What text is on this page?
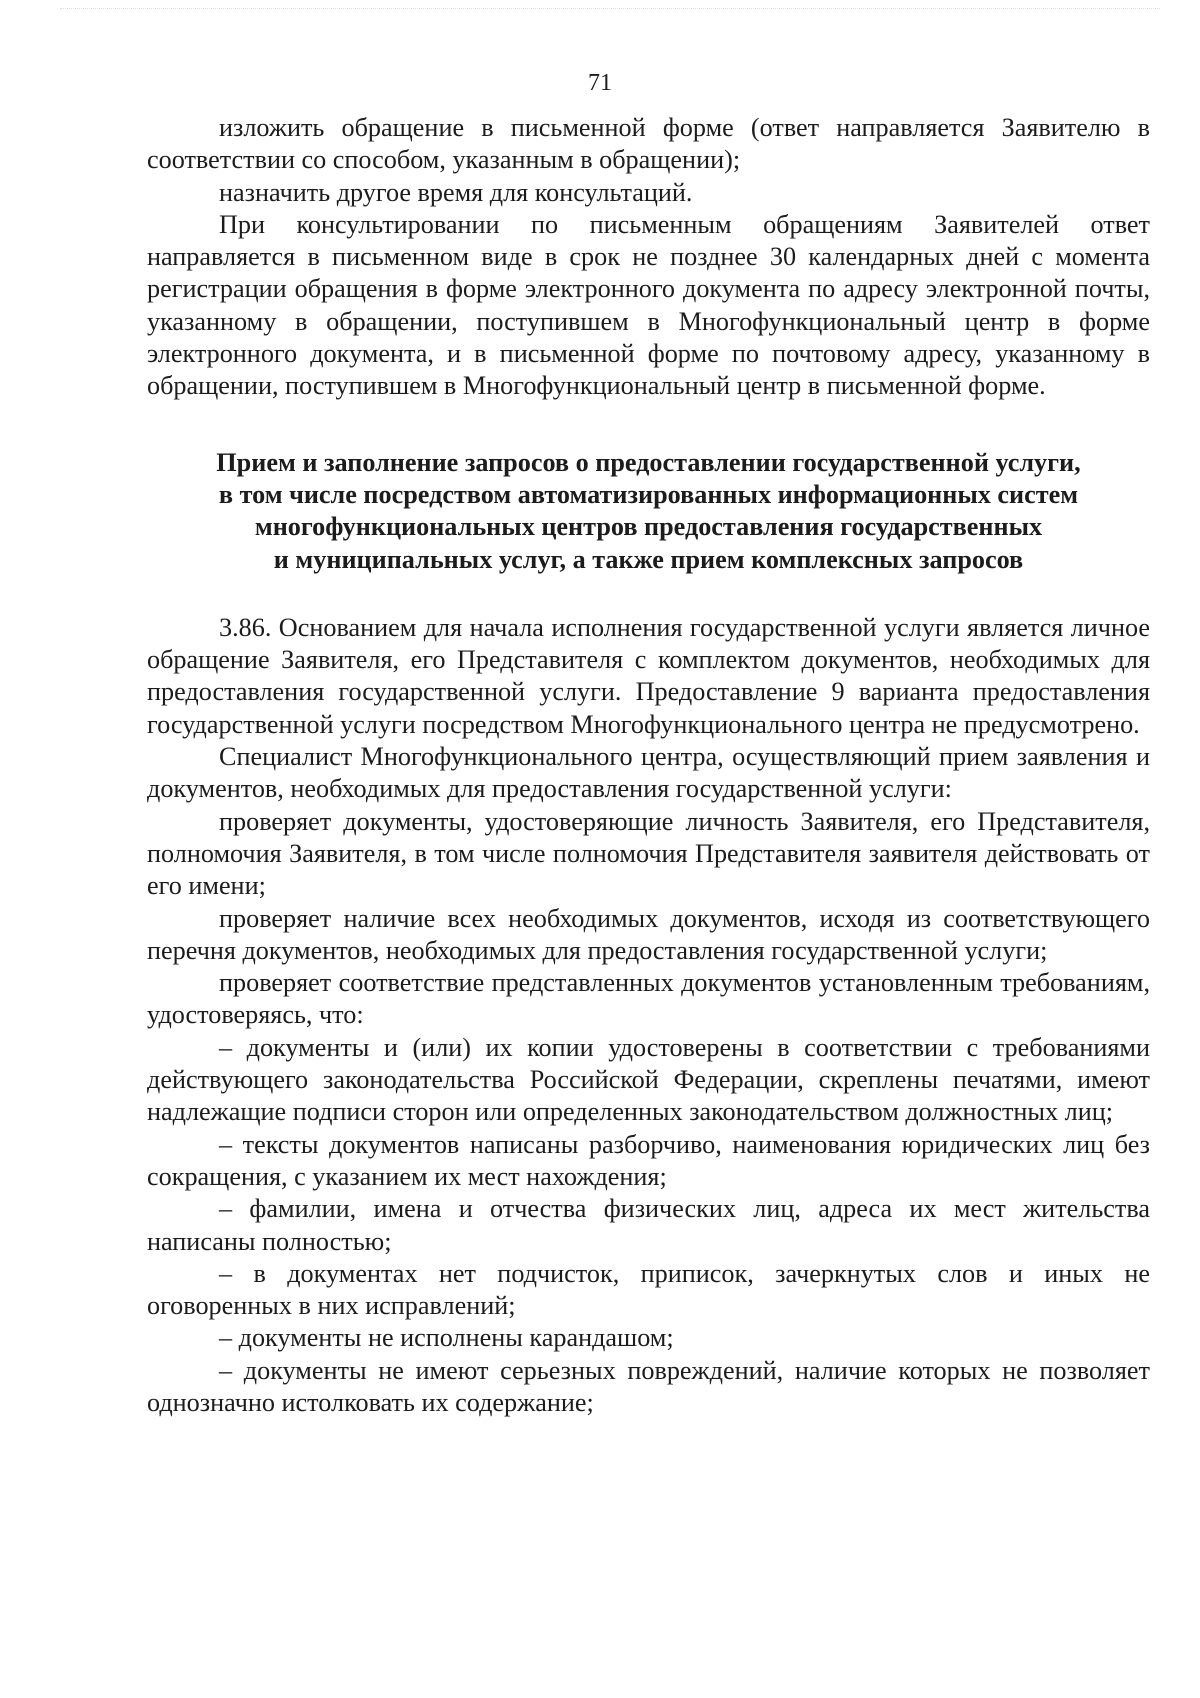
71

изложить обращение в письменной форме (ответ направляется Заявителю в соответствии со способом, указанным в обращении);

назначить другое время для консультаций.

При консультировании по письменным обращениям Заявителей ответ направляется в письменном виде в срок не позднее 30 календарных дней с момента регистрации обращения в форме электронного документа по адресу электронной почты, указанному в обращении, поступившем в Многофункциональный центр в форме электронного документа, и в письменной форме по почтовому адресу, указанному в обращении, поступившем в Многофункциональный центр в письменной форме.

Прием и заполнение запросов о предоставлении государственной услуги,
в том числе посредством автоматизированных информационных систем
многофункциональных центров предоставления государственных
и муниципальных услуг, а также прием комплексных запросов

3.86. Основанием для начала исполнения государственной услуги является личное обращение Заявителя, его Представителя с комплектом документов, необходимых для предоставления государственной услуги. Предоставление 9 варианта предоставления государственной услуги посредством Многофункционального центра не предусмотрено.

Специалист Многофункционального центра, осуществляющий прием заявления и документов, необходимых для предоставления государственной услуги:

проверяет документы, удостоверяющие личность Заявителя, его Представителя, полномочия Заявителя, в том числе полномочия Представителя заявителя действовать от его имени;

проверяет наличие всех необходимых документов, исходя из соответствующего перечня документов, необходимых для предоставления государственной услуги;

проверяет соответствие представленных документов установленным требованиям, удостоверяясь, что:

– документы и (или) их копии удостоверены в соответствии с требованиями действующего законодательства Российской Федерации, скреплены печатями, имеют надлежащие подписи сторон или определенных законодательством должностных лиц;

– тексты документов написаны разборчиво, наименования юридических лиц без сокращения, с указанием их мест нахождения;

– фамилии, имена и отчества физических лиц, адреса их мест жительства написаны полностью;

– в документах нет подчисток, приписок, зачеркнутых слов и иных не оговоренных в них исправлений;

– документы не исполнены карандашом;

– документы не имеют серьезных повреждений, наличие которых не позволяет однозначно истолковать их содержание;
